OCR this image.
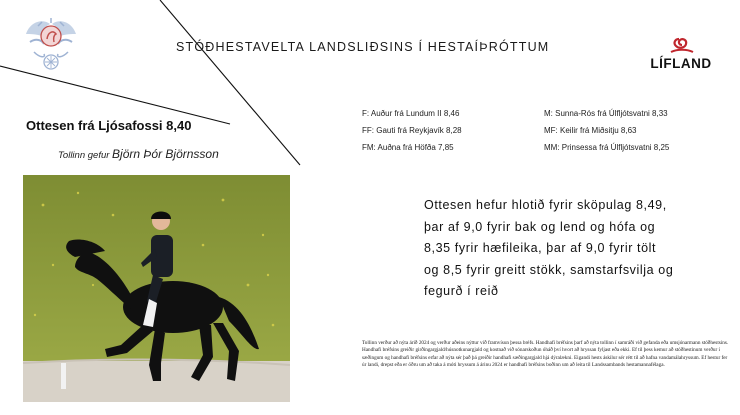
STÓÐHESTAVELTA LANDSLIÐSINS Í HESTAÍÞRÓTTUM
LÍFLAND
Ottesen frá Ljósafossi 8,40
Tollinn gefur Björn Þór Björnsson
F: Auður frá Lundum II 8,46
FF: Gauti frá Reykjavík 8,28
FM: Auðna frá Höfða 7,85
M: Sunna-Rós frá Úlfljótsvatni 8,33
MF: Keilir frá Miðsitju 8,63
MM: Prinsessa frá Úlfljótsvatni 8,25
Ottesen hefur hlotið fyrir sköpulag 8,49, þar af 9,0 fyrir bak og lend og hófa og 8,35 fyrir hæfileika, þar af 9,0 fyrir tölt og 8,5 fyrir greitt stökk, samstarfsvilja og fegurð í reið
Tollinn verður að nýta árið 2024 og verður aðeins nýttur við framvísun þessa bréfs. Handhafi bréfsins þarf að nýta tollinn í samráði við gefanda eða umsjónarmann stóðhestsins. Handhafi bréfsins greiðir girðingargjald/húsnotkunargjald og kostnað við sónarskoðun óháð því hvort að hryssan fyljast eða ekki. Ef til þess kemur að stóðhestinum verður í sæðingum og handhafi bréfsins erfar að nýta sér það þá greiðir handhafi sæðingargjald hjá dýralækni. Eigandi hests áskilur sér rétt til að hafna vandamálahryssum. Ef hestur fer úr landi, drepst eða er öðru um að taka á móti hryssum á árinu 2024 er handhafi bréfsins boðinn um að leita til Landssambands hestamannafélaga.
